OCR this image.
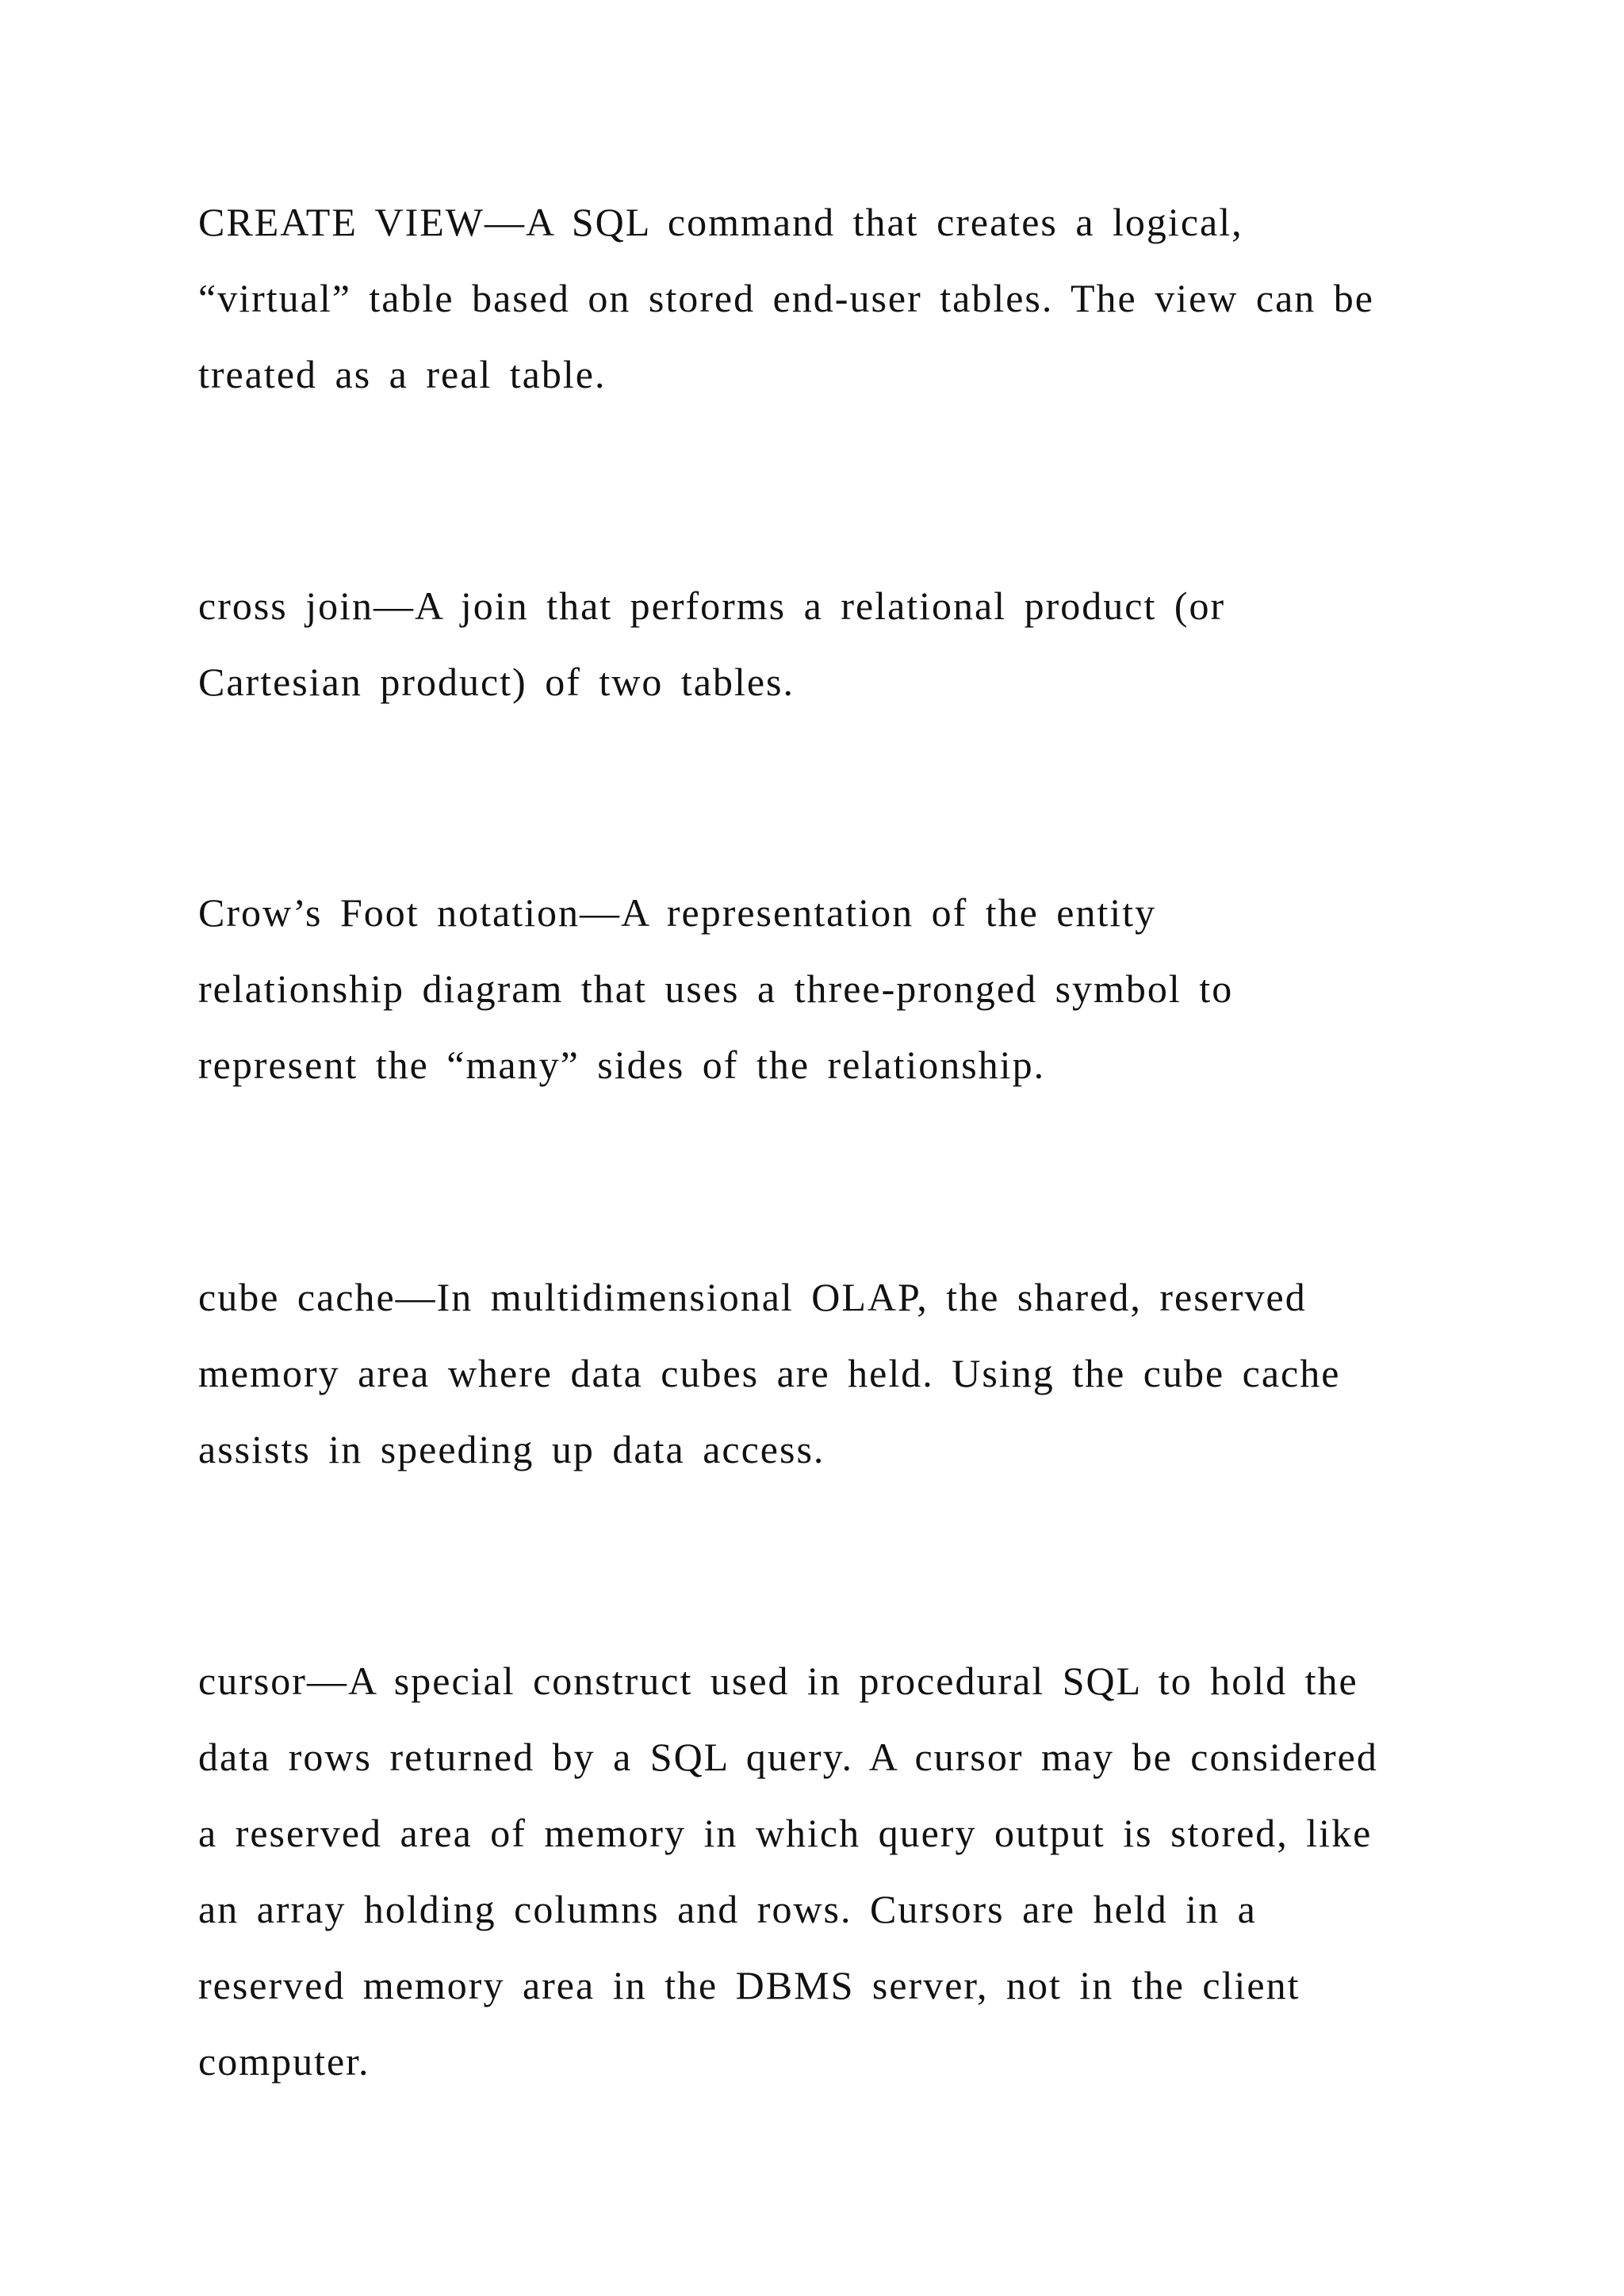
CREATE VIEW—A SQL command that creates a logical,
“virtual” table based on stored end-user tables. The view can be
treated as a real table.

cross join—A join that performs a relational product (or
Cartesian product) of two tables.

Crow’s Foot notation—A representation of the entity
relationship diagram that uses a three-pronged symbol to
represent the “many” sides of the relationship.

cube cache—In multidimensional OLAP, the shared, reserved
memory area where data cubes are held. Using the cube cache
assists in speeding up data access.

cursor—A special construct used in procedural SQL to hold the
data rows returned by a SQL query. A cursor may be considered
a reserved area of memory in which query output is stored, like
an array holding columns and rows. Cursors are held in a
reserved memory area in the DBMS server, not in the client
computer.
